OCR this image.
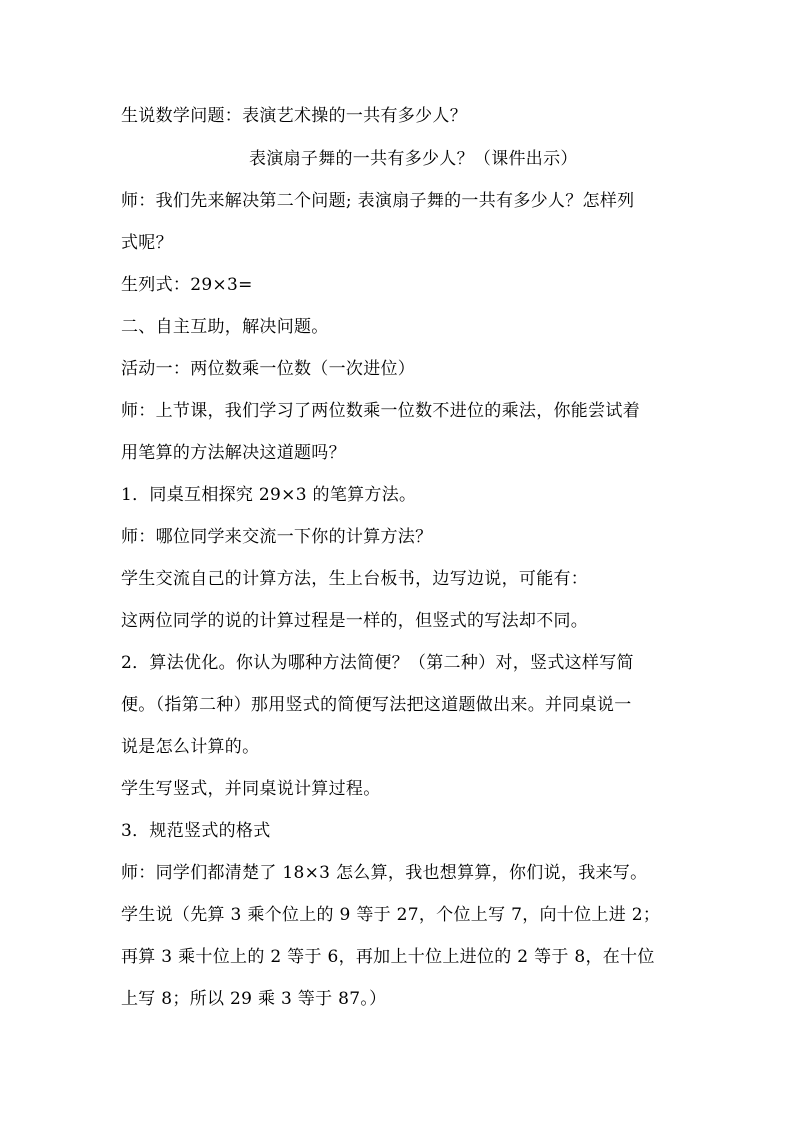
生说数学问题：表演艺术操的一共有多少人？
表演扇子舞的一共有多少人？（课件出示）
师：我们先来解决第二个问题; 表演扇子舞的一共有多少人？怎样列
式呢？
生列式：29×3=
二、自主互助，解决问题。
活动一：两位数乘一位数（一次进位）
师：上节课，我们学习了两位数乘一位数不进位的乘法，你能尝试着
用笔算的方法解决这道题吗？
1．同桌互相探究 29×3 的笔算方法。
师：哪位同学来交流一下你的计算方法？
学生交流自己的计算方法，生上台板书，边写边说，可能有：
这两位同学的说的计算过程是一样的，但竖式的写法却不同。
2．算法优化。你认为哪种方法简便？（第二种）对，竖式这样写简
便。（指第二种）那用竖式的简便写法把这道题做出来。并同桌说一
说是怎么计算的。
学生写竖式，并同桌说计算过程。
3．规范竖式的格式
师：同学们都清楚了 18×3 怎么算，我也想算算，你们说，我来写。
学生说（先算 3 乘个位上的 9 等于 27，个位上写 7，向十位上进 2；
再算 3 乘十位上的 2 等于 6，再加上十位上进位的 2 等于 8，在十位
上写 8；所以 29 乘 3 等于 87。）
